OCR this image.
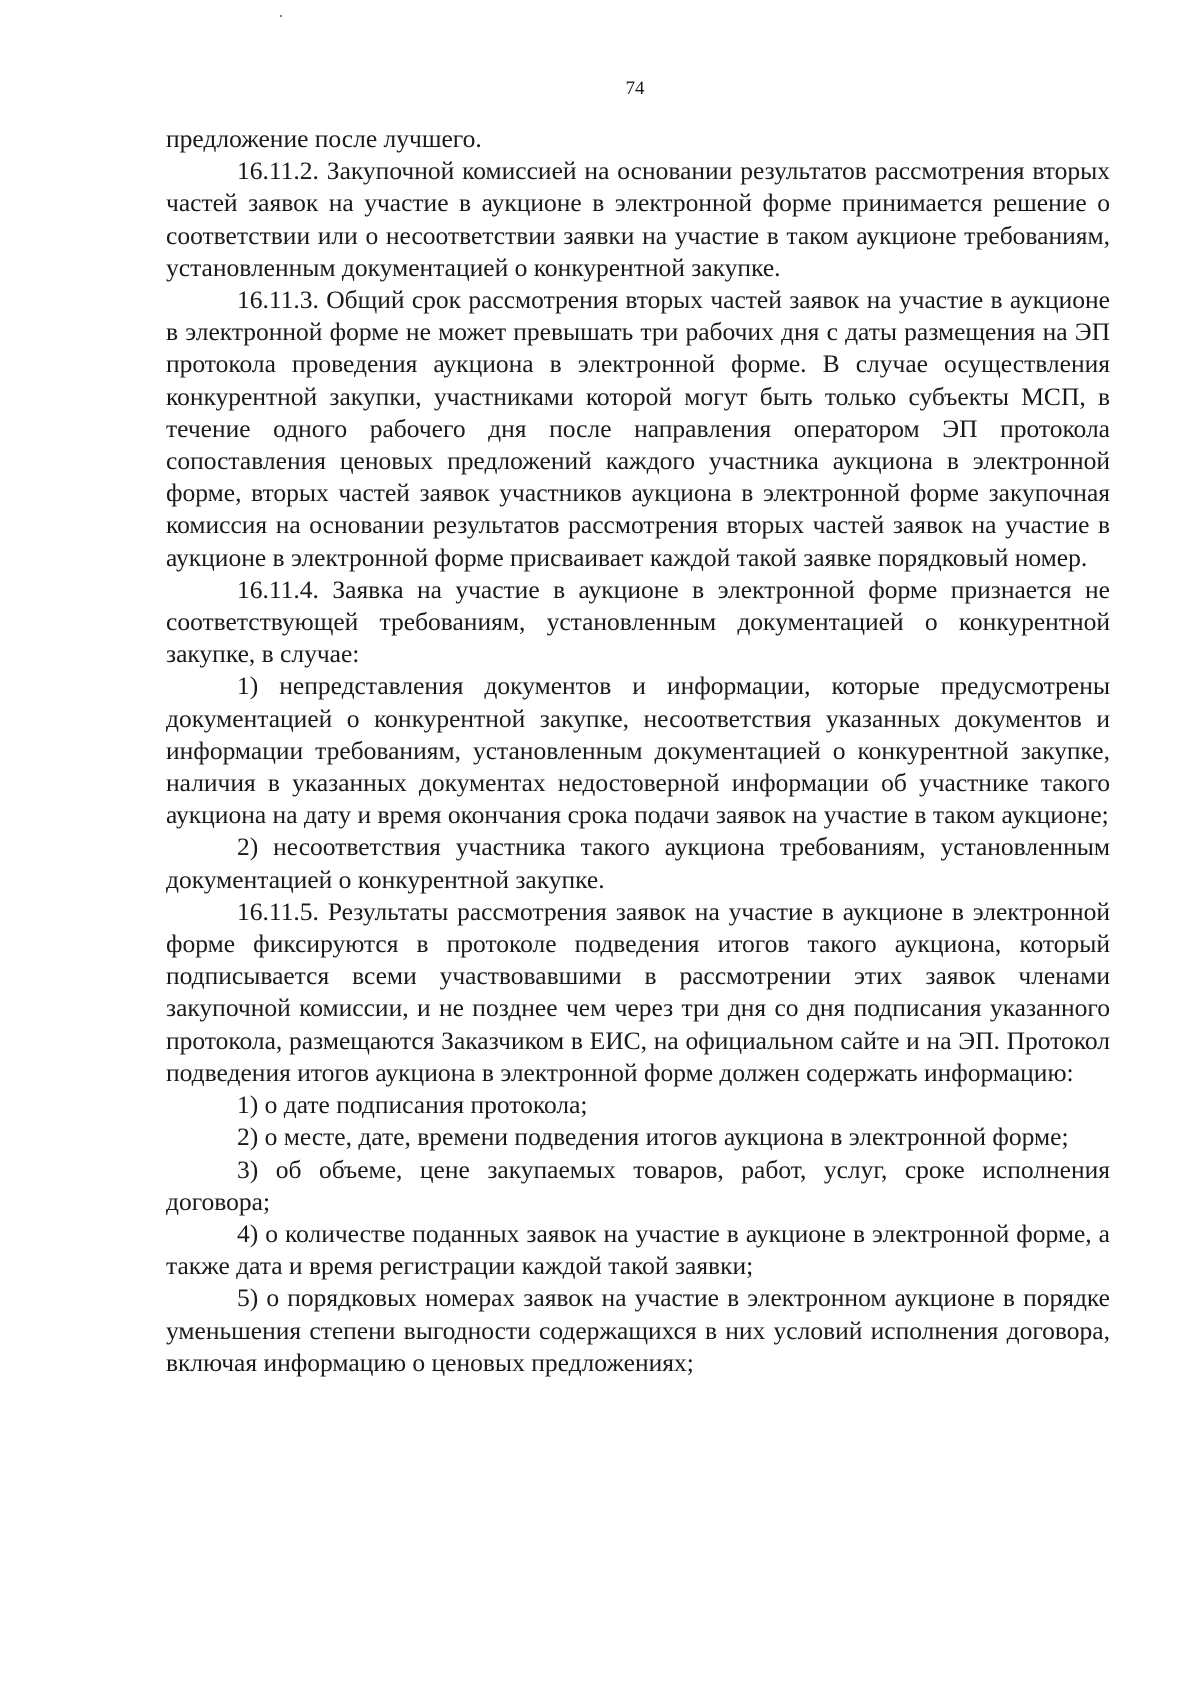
74

предложение после лучшего.

16.11.2. Закупочной комиссией на основании результатов рассмотрения вторых частей заявок на участие в аукционе в электронной форме принимается решение о соответствии или о несоответствии заявки на участие в таком аукционе требованиям, установленным документацией о конкурентной закупке.

16.11.3. Общий срок рассмотрения вторых частей заявок на участие в аукционе в электронной форме не может превышать три рабочих дня с даты размещения на ЭП протокола проведения аукциона в электронной форме. В случае осуществления конкурентной закупки, участниками которой могут быть только субъекты МСП, в течение одного рабочего дня после направления оператором ЭП протокола сопоставления ценовых предложений каждого участника аукциона в электронной форме, вторых частей заявок участников аукциона в электронной форме закупочная комиссия на основании результатов рассмотрения вторых частей заявок на участие в аукционе в электронной форме присваивает каждой такой заявке порядковый номер.

16.11.4. Заявка на участие в аукционе в электронной форме признается не соответствующей требованиям, установленным документацией о конкурентной закупке, в случае:

1) непредставления документов и информации, которые предусмотрены документацией о конкурентной закупке, несоответствия указанных документов и информации требованиям, установленным документацией о конкурентной закупке, наличия в указанных документах недостоверной информации об участнике такого аукциона на дату и время окончания срока подачи заявок на участие в таком аукционе;

2) несоответствия участника такого аукциона требованиям, установленным документацией о конкурентной закупке.

16.11.5. Результаты рассмотрения заявок на участие в аукционе в электронной форме фиксируются в протоколе подведения итогов такого аукциона, который подписывается всеми участвовавшими в рассмотрении этих заявок членами закупочной комиссии, и не позднее чем через три дня со дня подписания указанного протокола, размещаются Заказчиком в ЕИС, на официальном сайте и на ЭП. Протокол подведения итогов аукциона в электронной форме должен содержать информацию:

1) о дате подписания протокола;

2) о месте, дате, времени подведения итогов аукциона в электронной форме;

3) об объеме, цене закупаемых товаров, работ, услуг, сроке исполнения договора;

4) о количестве поданных заявок на участие в аукционе в электронной форме, а также дата и время регистрации каждой такой заявки;

5) о порядковых номерах заявок на участие в электронном аукционе в порядке уменьшения степени выгодности содержащихся в них условий исполнения договора, включая информацию о ценовых предложениях;
